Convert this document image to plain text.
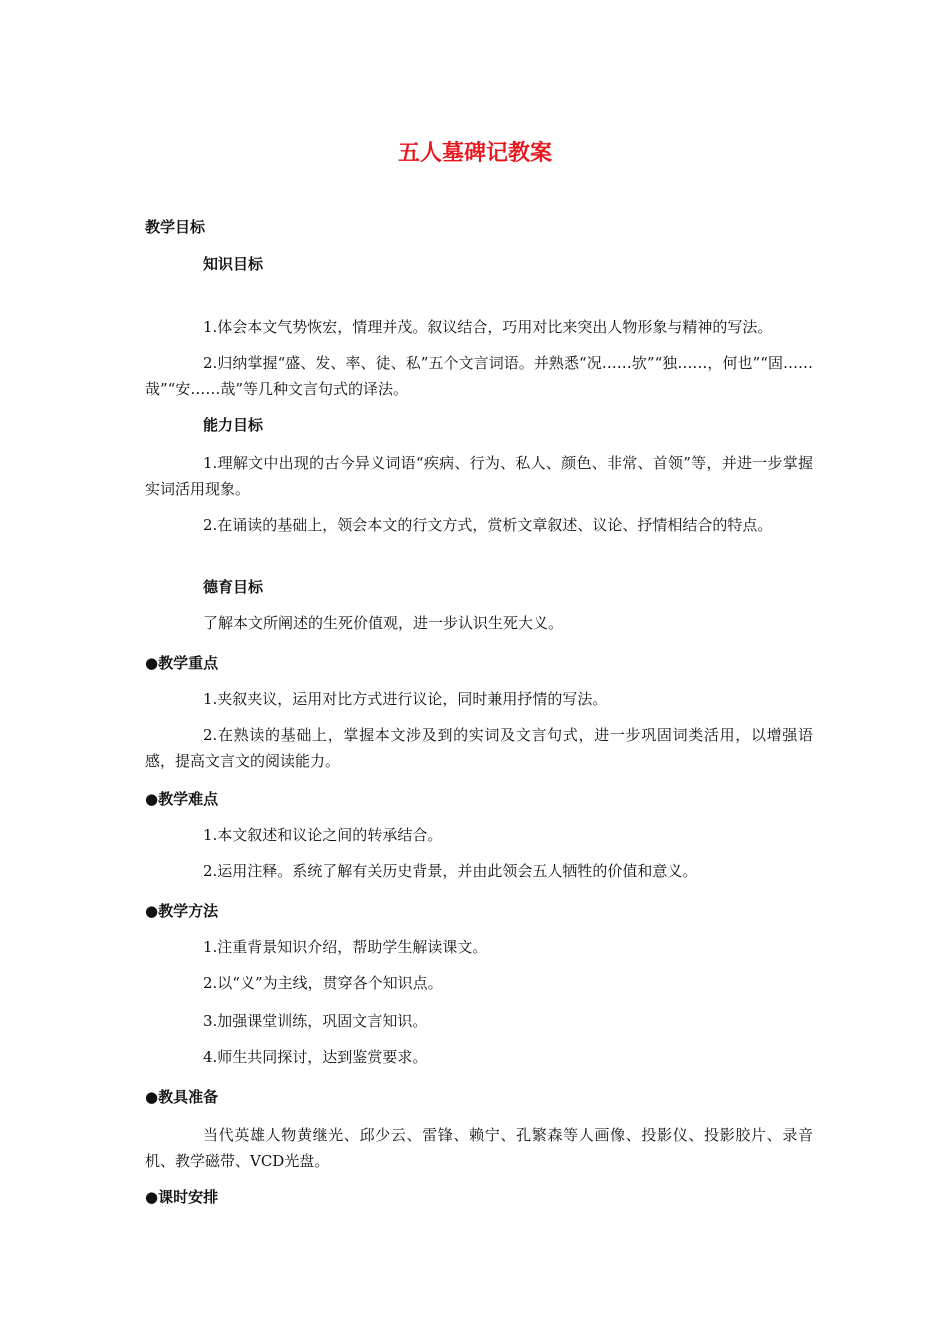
五人墓碑记教案
教学目标
知识目标

1.体会本文气势恢宏，情理并茂。叙议结合，巧用对比来突出人物形象与精神的写法。

2.归纳掌握“盛、发、率、徒、私”五个文言词语。并熟悉“况……欤”“独……，何也”“固……哉”“安……哉”等几种文言句式的译法。

能力目标

1.理解文中出现的古今异义词语“疾病、行为、私人、颜色、非常、首领”等，并进一步掌握实词活用现象。

2.在诵读的基础上，领会本文的行文方式，赏析文章叙述、议论、抒情相结合的特点。

德育目标

了解本文所阐述的生死价值观，进一步认识生死大义。

●教学重点

1.夹叙夹议，运用对比方式进行议论，同时兼用抒情的写法。

2.在熟读的基础上，掌握本文涉及到的实词及文言句式，进一步巩固词类活用，以增强语感，提高文言文的阅读能力。

●教学难点

1.本文叙述和议论之间的转承结合。

2.运用注释。系统了解有关历史背景，并由此领会五人牺牲的价值和意义。

●教学方法

1.注重背景知识介绍，帮助学生解读课文。

2.以“义”为主线，贯穿各个知识点。

3.加强课堂训练，巩固文言知识。

4.师生共同探讨，达到鉴赏要求。

●教具准备

当代英雄人物黄继光、邱少云、雷锋、赖宁、孔繁森等人画像、投影仪、投影胶片、录音机、教学磁带、VCD光盘。

●课时安排
